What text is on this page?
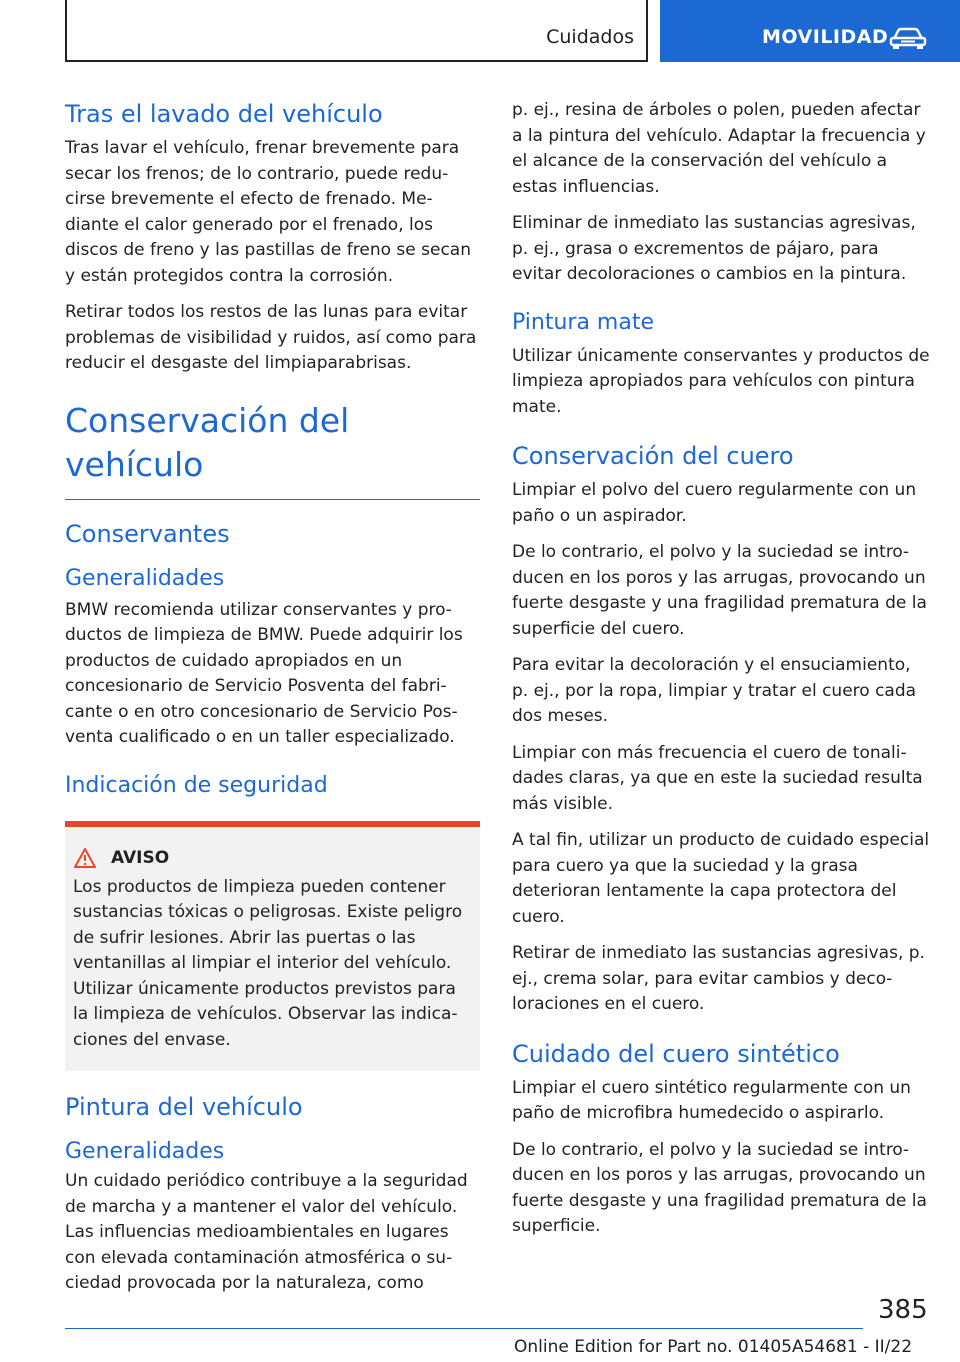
Cuidados	MOVILIDAD
Tras el lavado del vehículo

Tras lavar el vehículo, frenar brevemente para secar los frenos; de lo contrario, puede reducirse brevemente el efecto de frenado. Mediante el calor generado por el frenado, los discos de freno y las pastillas de freno se secan y están protegidos contra la corrosión.

Retirar todos los restos de las lunas para evitar problemas de visibilidad y ruidos, así como para reducir el desgaste del limpiaparabrisas.

Conservación del vehículo
Conservantes
Generalidades

BMW recomienda utilizar conservantes y productos de limpieza de BMW. Puede adquirir los productos de cuidado apropiados en un concesionario de Servicio Posventa del fabricante o en otro concesionario de Servicio Posventa cualificado o en un taller especializado.

Indicación de seguridad
AVISO

Los productos de limpieza pueden contener sustancias tóxicas o peligrosas. Existe peligro de sufrir lesiones. Abrir las puertas o las ventanillas al limpiar el interior del vehículo. Utilizar únicamente productos previstos para la limpieza de vehículos. Observar las indicaciones del envase.

Pintura del vehículo
Generalidades

Un cuidado periódico contribuye a la seguridad de marcha y a mantener el valor del vehículo. Las influencias medioambientales en lugares con elevada contaminación atmosférica o suciedad provocada por la naturaleza, como

p. ej., resina de árboles o polen, pueden afectar a la pintura del vehículo. Adaptar la frecuencia y el alcance de la conservación del vehículo a estas influencias.

Eliminar de inmediato las sustancias agresivas, p. ej., grasa o excrementos de pájaro, para evitar decoloraciones o cambios en la pintura.

Pintura mate

Utilizar únicamente conservantes y productos de limpieza apropiados para vehículos con pintura mate.

Conservación del cuero

Limpiar el polvo del cuero regularmente con un paño o un aspirador.

De lo contrario, el polvo y la suciedad se introducen en los poros y las arrugas, provocando un fuerte desgaste y una fragilidad prematura de la superficie del cuero.

Para evitar la decoloración y el ensuciamiento, p. ej., por la ropa, limpiar y tratar el cuero cada dos meses.

Limpiar con más frecuencia el cuero de tonalidades claras, ya que en este la suciedad resulta más visible.

A tal fin, utilizar un producto de cuidado especial para cuero ya que la suciedad y la grasa deterioran lentamente la capa protectora del cuero.

Retirar de inmediato las sustancias agresivas, p. ej., crema solar, para evitar cambios y decoloraciones en el cuero.

Cuidado del cuero sintético

Limpiar el cuero sintético regularmente con un paño de microfibra humedecido o aspirarlo.

De lo contrario, el polvo y la suciedad se introducen en los poros y las arrugas, provocando un fuerte desgaste y una fragilidad prematura de la superficie.

385
Online Edition for Part no. 01405A54681 - II/22
